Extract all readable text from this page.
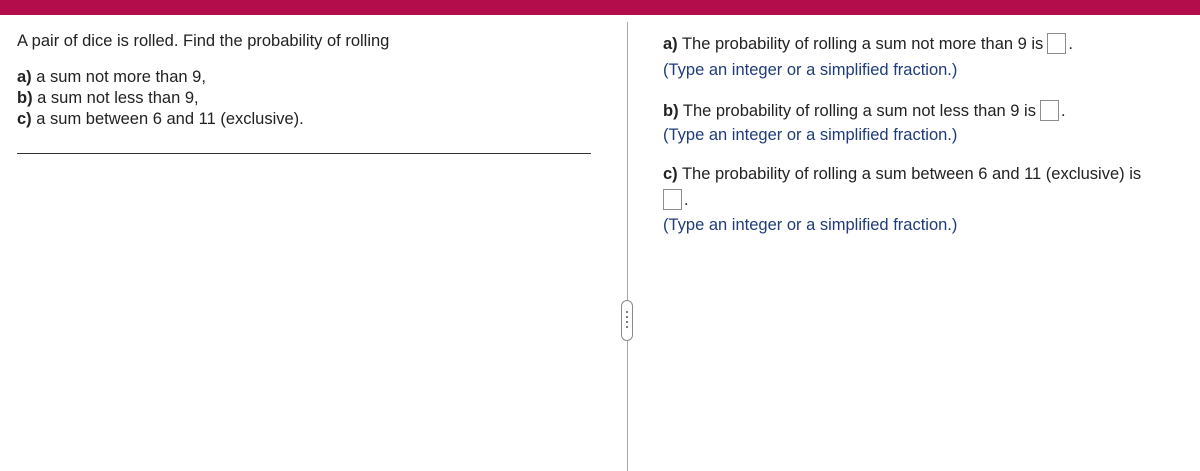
A pair of dice is rolled. Find the probability of rolling
a) a sum not more than 9,
b) a sum not less than 9,
c) a sum between 6 and 11 (exclusive).
a) The probability of rolling a sum not more than 9 is .
(Type an integer or a simplified fraction.)
b) The probability of rolling a sum not less than 9 is .
(Type an integer or a simplified fraction.)
c) The probability of rolling a sum between 6 and 11 (exclusive) is
.
(Type an integer or a simplified fraction.)
